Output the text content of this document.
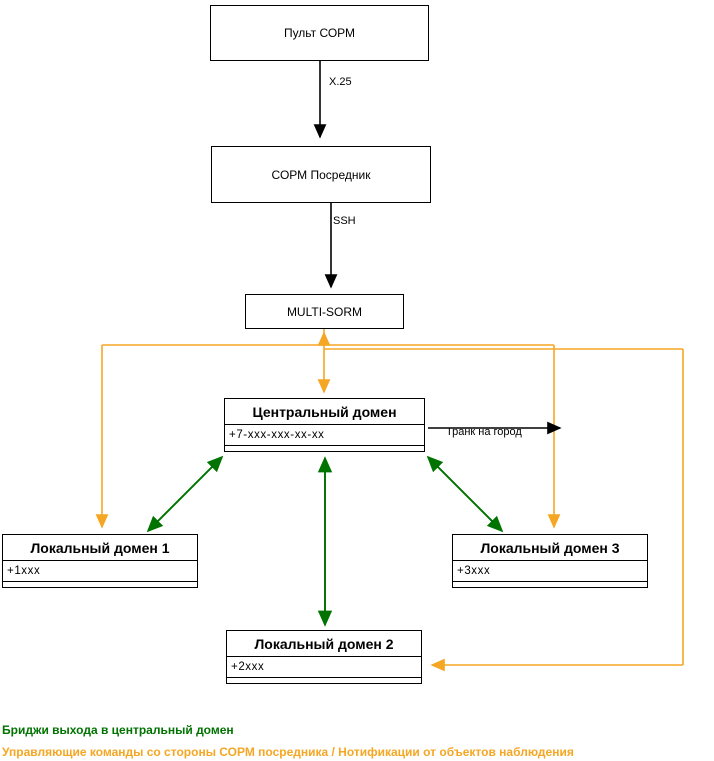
Пульт СОРМ
СОРМ Посредник
MULTI-SORM
Центральный домен
+7-xxx-xxx-xx-xx
Локальный домен 1
+1xxx
Локальный домен 3
+3xxx
Локальный домен 2
+2xxx
X.25
SSH
Транк на город
Бриджи выхода в центральный домен
Управляющие команды со стороны СОРМ посредника / Нотификации от объектов наблюдения
